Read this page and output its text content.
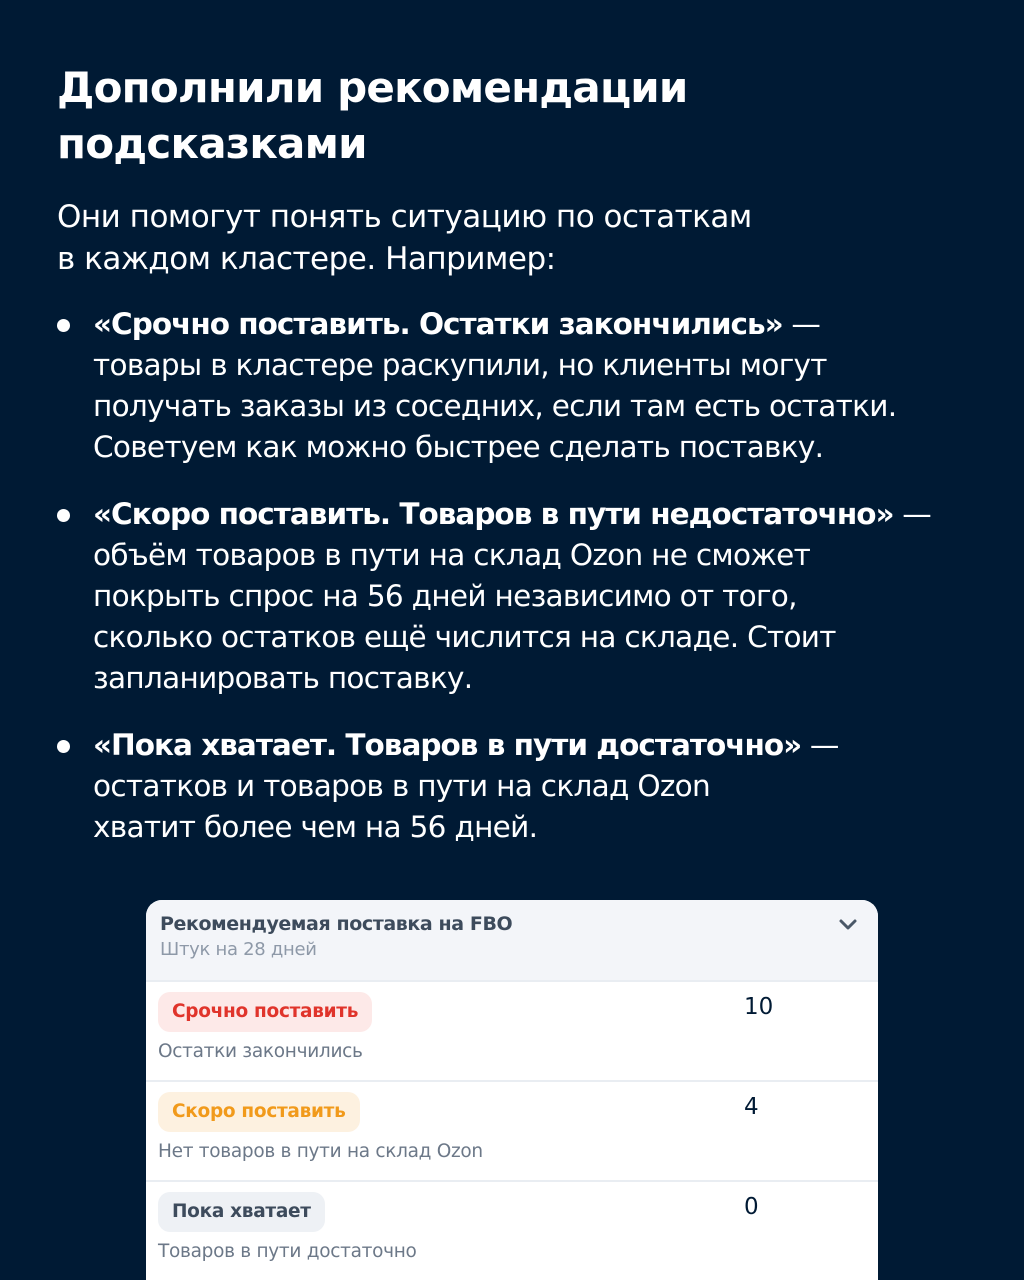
Дополнили рекомендации
подсказками

Они помогут понять ситуацию по остаткам
в каждом кластере. Например:

«Срочно поставить. Остатки закончились» —
товары в кластере раскупили, но клиенты могут
получать заказы из соседних, если там есть остатки.
Советуем как можно быстрее сделать поставку.
«Скоро поставить. Товаров в пути недостаточно» —
объём товаров в пути на склад Ozon не сможет
покрыть спрос на 56 дней независимо от того,
сколько остатков ещё числится на складе. Стоит
запланировать поставку.
«Пока хватает. Товаров в пути достаточно» —
остатков и товаров в пути на склад Ozon
хватит более чем на 56 дней.
Рекомендуемая поставка на FBO
Штук на 28 дней
Срочно поставить
Остатки закончились
10
Скоро поставить
Нет товаров в пути на склад Ozon
4
Пока хватает
Товаров в пути достаточно
0
